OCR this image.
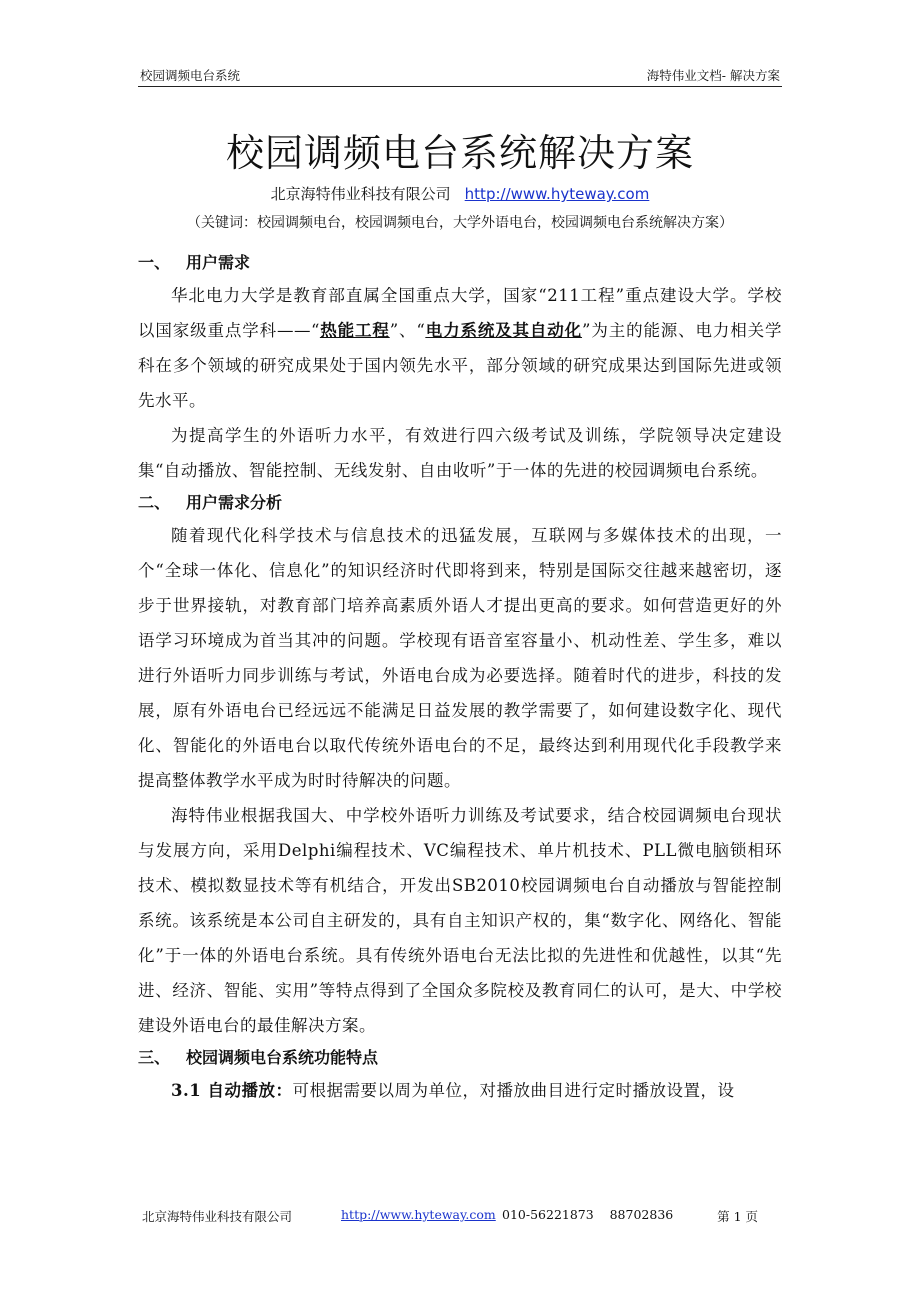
校园调频电台系统	海特伟业文档- 解决方案
校园调频电台系统解决方案
北京海特伟业科技有限公司 http://www.hyteway.com
（关键词：校园调频电台，校园调频电台，大学外语电台，校园调频电台系统解决方案）
一、 用户需求

华北电力大学是教育部直属全国重点大学，国家“211工程”重点建设大学。学校以国家级重点学科——“热能工程”、“电力系统及其自动化”为主的能源、电力相关学科在多个领域的研究成果处于国内领先水平，部分领域的研究成果达到国际先进或领先水平。

为提高学生的外语听力水平，有效进行四六级考试及训练，学院领导决定建设集“自动播放、智能控制、无线发射、自由收听”于一体的先进的校园调频电台系统。

二、 用户需求分析

随着现代化科学技术与信息技术的迅猛发展，互联网与多媒体技术的出现，一个“全球一体化、信息化”的知识经济时代即将到来，特别是国际交往越来越密切，逐步于世界接轨，对教育部门培养高素质外语人才提出更高的要求。如何营造更好的外语学习环境成为首当其冲的问题。学校现有语音室容量小、机动性差、学生多，难以进行外语听力同步训练与考试，外语电台成为必要选择。随着时代的进步，科技的发展，原有外语电台已经远远不能满足日益发展的教学需要了，如何建设数字化、现代化、智能化的外语电台以取代传统外语电台的不足，最终达到利用现代化手段教学来提高整体教学水平成为时时待解决的问题。

海特伟业根据我国大、中学校外语听力训练及考试要求，结合校园调频电台现状与发展方向，采用Delphi编程技术、VC编程技术、单片机技术、PLL微电脑锁相环技术、模拟数显技术等有机结合，开发出SB2010校园调频电台自动播放与智能控制系统。该系统是本公司自主研发的，具有自主知识产权的，集“数字化、网络化、智能化”于一体的外语电台系统。具有传统外语电台无法比拟的先进性和优越性，以其“先进、经济、智能、实用”等特点得到了全国众多院校及教育同仁的认可，是大、中学校建设外语电台的最佳解决方案。

三、 校园调频电台系统功能特点

3.1 自动播放：可根据需要以周为单位，对播放曲目进行定时播放设置，设

北京海特伟业科技有限公司	http://www.hyteway.com 010-56221873    88702836	第 1 页
